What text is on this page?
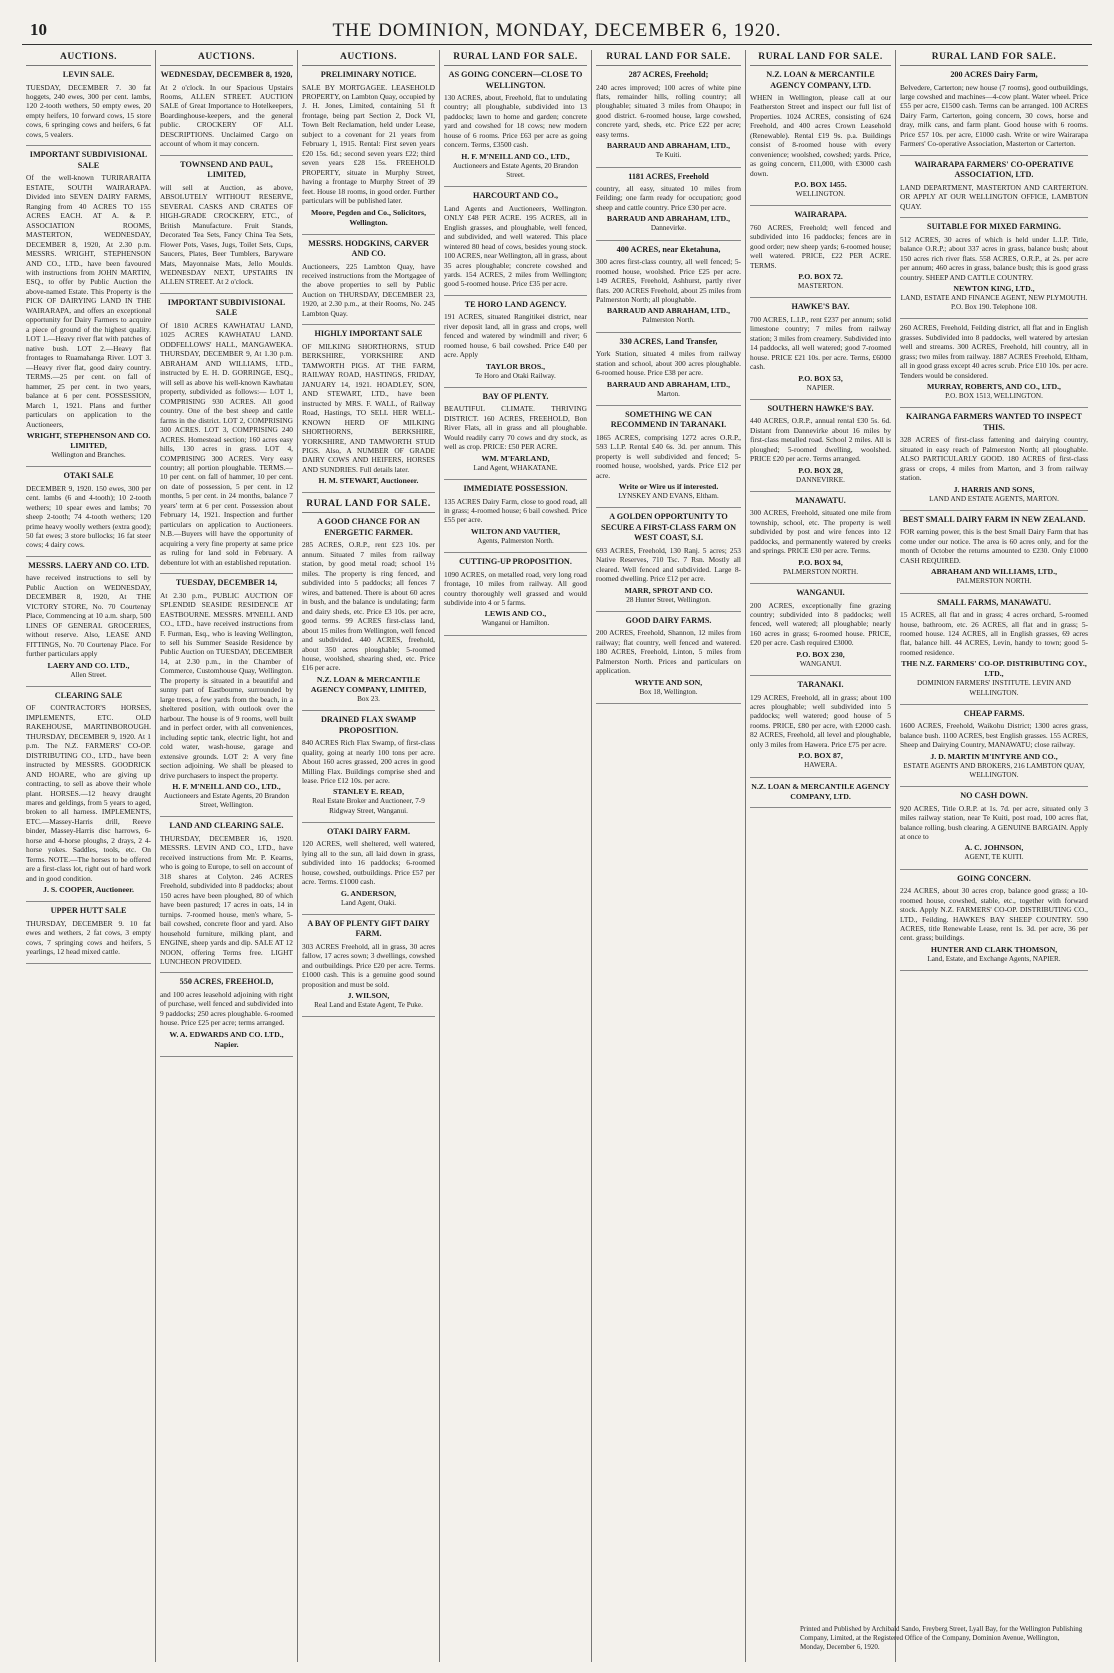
10	THE DOMINION, MONDAY, DECEMBER 6, 1920.
AUCTIONS.
LEVIN SALE.
TUESDAY, DECEMBER 7. 30 fat hoggets, 240 ewes, 300 per cent. lambs, 120 2-tooth wethers, 50 empty ewes, 20 empty heifers, 10 forward cows, 15 store cows, 6 springing cows and heifers, 6 fat cows, 5 vealers.
IMPORTANT SUBDIVISIONAL SALE
Of the well-known TURIRARAITA ESTATE, SOUTH WAIRARAPA. Divided into SEVEN DAIRY FARMS, Ranging from 40 ACRES TO 155 ACRES EACH. AT A. & P. ASSOCIATION ROOMS, MASTERTON, WEDNESDAY, DECEMBER 8, 1920, At 2.30 p.m. MESSRS. WRIGHT, STEPHENSON AND CO., LTD., have been favoured with instructions from JOHN MARTIN, ESQ., to offer by Public Auction the above-named Estate. This Property is the PICK OF DAIRYING LAND IN THE WAIRARAPA, and offers an exceptional opportunity for Dairy Farmers to acquire a piece of ground of the highest quality. LOT 1.—Heavy river flat with patches of native bush. LOT 2.—Heavy flat frontages to Ruamahanga River. LOT 3.—Heavy river flat, good dairy country. TERMS.—25 per cent. on fall of hammer, 25 per cent. in two years, balance at 6 per cent. POSSESSION, March 1, 1921. Plans and further particulars on application to the Auctioneers,
WRIGHT, STEPHENSON AND CO. LIMITED,
Wellington and Branches.
OTAKI SALE
DECEMBER 9, 1920. 150 ewes, 300 per cent. lambs (6 and 4-tooth); 10 2-tooth wethers; 10 spear ewes and lambs; 70 sheep 2-tooth; 74 4-tooth wethers; 120 prime heavy woolly wethers (extra good); 50 fat ewes; 3 store bullocks; 16 fat steer cows; 4 dairy cows.
MESSRS. LAERY AND CO. LTD.
have received instructions to sell by Public Auction on WEDNESDAY, DECEMBER 8, 1920, At THE VICTORY STORE, No. 70 Courtenay Place, Commencing at 10 a.m. sharp, 500 LINES OF GENERAL GROCERIES, without reserve. Also, LEASE AND FITTINGS, No. 70 Courtenay Place. For further particulars apply
LAERY AND CO. LTD.,
Allen Street.
CLEARING SALE
OF CONTRACTOR'S HORSES, IMPLEMENTS, ETC. OLD RAKEHOUSE, MARTINBOROUGH. THURSDAY, DECEMBER 9, 1920. At 1 p.m. The N.Z. FARMERS' CO-OP. DISTRIBUTING CO., LTD., have been instructed by MESSRS. GOODRICK AND HOARE, who are giving up contracting, to sell as above their whole plant. HORSES.—12 heavy draught mares and geldings, from 5 years to aged, broken to all harness. IMPLEMENTS, ETC.—Massey-Harris drill, Reeve binder, Massey-Harris disc harrows, 6-horse and 4-horse ploughs, 2 drays, 2 4-horse yokes. Saddles, tools, etc. On Terms. NOTE.—The horses to be offered are a first-class lot, right out of hard work and in good condition.
J. S. COOPER, Auctioneer.
UPPER HUTT SALE
THURSDAY, DECEMBER 9. 10 fat ewes and wethers, 2 fat cows, 3 empty cows, 7 springing cows and heifers, 5 yearlings, 12 head mixed cattle.
AUCTIONS.
WEDNESDAY, DECEMBER 8, 1920,
At 2 o'clock. In our Spacious Upstairs Rooms, ALLEN STREET. AUCTION SALE of Great Importance to Hotelkeepers, Boardinghouse-keepers, and the general public. CROCKERY OF ALL DESCRIPTIONS. Unclaimed Cargo on account of whom it may concern.
TOWNSEND AND PAUL, LIMITED,
will sell at Auction, as above, ABSOLUTELY WITHOUT RESERVE, SEVERAL CASKS AND CRATES OF HIGH-GRADE CROCKERY, ETC., of British Manufacture. Fruit Stands, Decorated Tea Sets, Fancy China Tea Sets, Flower Pots, Vases, Jugs, Toilet Sets, Cups, Saucers, Plates, Beer Tumblers, Baryware Mats, Mayonnaise Mats, Jello Moulds. WEDNESDAY NEXT, UPSTAIRS IN ALLEN STREET. At 2 o'clock.
IMPORTANT SUBDIVISIONAL SALE
Of 1810 ACRES KAWHATAU LAND, 1025 ACRES KAWHATAU LAND. ODDFELLOWS' HALL, MANGAWEKA. THURSDAY, DECEMBER 9, At 1.30 p.m. ABRAHAM AND WILLIAMS, LTD., instructed by E. H. D. GORRINGE, ESQ., will sell as above his well-known Kawhatau property, subdivided as follows:— LOT 1, COMPRISING 930 ACRES. All good country. One of the best sheep and cattle farms in the district. LOT 2, COMPRISING 300 ACRES. LOT 3, COMPRISING 240 ACRES. Homestead section; 160 acres easy hills, 130 acres in grass. LOT 4, COMPRISING 300 ACRES. Very easy country; all portion ploughable. TERMS.—10 per cent. on fall of hammer, 10 per cent. on date of possession, 5 per cent. in 12 months, 5 per cent. in 24 months, balance 7 years' term at 6 per cent. Possession about February 14, 1921. Inspection and further particulars on application to Auctioneers. N.B.—Buyers will have the opportunity of acquiring a very fine property at same price as ruling for land sold in February. A debenture lot with an established reputation.
TUESDAY, DECEMBER 14,
At 2.30 p.m., PUBLIC AUCTION OF SPLENDID SEASIDE RESIDENCE AT EASTBOURNE. MESSRS. M'NEILL AND CO., LTD., have received instructions from F. Furman, Esq., who is leaving Wellington, to sell his Summer Seaside Residence by Public Auction on TUESDAY, DECEMBER 14, at 2.30 p.m., in the Chamber of Commerce, Customhouse Quay, Wellington. The property is situated in a beautiful and sunny part of Eastbourne, surrounded by large trees, a few yards from the beach, in a sheltered position, with outlook over the harbour. The house is of 9 rooms, well built and in perfect order, with all conveniences, including septic tank, electric light, hot and cold water, wash-house, garage and extensive grounds. LOT 2: A very fine section adjoining. We shall be pleased to drive purchasers to inspect the property.
H. F. M'NEILL AND CO., LTD.,
Auctioneers and Estate Agents, 20 Brandon Street, Wellington.
LAND AND CLEARING SALE.
THURSDAY, DECEMBER 16, 1920. MESSRS. LEVIN AND CO., LTD., have received instructions from Mr. P. Kearns, who is going to Europe, to sell on account of 318 shares at Colyton. 246 ACRES Freehold, subdivided into 8 paddocks; about 150 acres have been ploughed, 80 of which have been pastured; 17 acres in oats, 14 in turnips. 7-roomed house, men's whare, 5-bail cowshed, concrete floor and yard. Also household furniture, milking plant, and ENGINE, sheep yards and dip. SALE AT 12 NOON, offering Terms free. LIGHT LUNCHEON PROVIDED.
550 ACRES, FREEHOLD,
and 100 acres leasehold adjoining with right of purchase, well fenced and subdivided into 9 paddocks; 250 acres ploughable. 6-roomed house. Price £25 per acre; terms arranged.
W. A. EDWARDS AND CO. LTD., Napier.
AUCTIONS.
PRELIMINARY NOTICE.
SALE BY MORTGAGEE. LEASEHOLD PROPERTY, on Lambton Quay, occupied by J. H. Jones, Limited, containing 51 ft frontage, being part Section 2, Dock VI, Town Belt Reclamation, held under Lease, subject to a covenant for 21 years from February 1, 1915. Rental: First seven years £20 15s. 6d.; second seven years £22; third seven years £28 15s. FREEHOLD PROPERTY, situate in Murphy Street, having a frontage to Murphy Street of 39 feet. House 18 rooms, in good order. Further particulars will be published later.
Moore, Pegden and Co., Solicitors, Wellington.
MESSRS. HODGKINS, CARVER AND CO.
Auctioneers, 225 Lambton Quay, have received instructions from the Mortgagee of the above properties to sell by Public Auction on THURSDAY, DECEMBER 23, 1920, at 2.30 p.m., at their Rooms, No. 245 Lambton Quay.
HIGHLY IMPORTANT SALE
OF MILKING SHORTHORNS, STUD BERKSHIRE, YORKSHIRE AND TAMWORTH PIGS. AT THE FARM, RAILWAY ROAD, HASTINGS, FRIDAY, JANUARY 14, 1921. HOADLEY, SON, AND STEWART, LTD., have been instructed by MRS. F. WALL, of Railway Road, Hastings, TO SELL HER WELL-KNOWN HERD OF MILKING SHORTHORNS, BERKSHIRE, YORKSHIRE, AND TAMWORTH STUD PIGS. Also, A NUMBER OF GRADE DAIRY COWS AND HEIFERS, HORSES AND SUNDRIES. Full details later.
H. M. STEWART, Auctioneer.
RURAL LAND FOR SALE.
A GOOD CHANCE FOR AN ENERGETIC FARMER.
285 ACRES, O.R.P., rent £23 10s. per annum. Situated 7 miles from railway station, by good metal road; school 1½ miles. The property is ring fenced, and subdivided into 5 paddocks; all fences 7 wires, and battened. There is about 60 acres in bush, and the balance is undulating; farm and dairy sheds, etc. Price £3 10s. per acre, good terms. 99 ACRES first-class land, about 15 miles from Wellington, well fenced and subdivided. 440 ACRES, freehold, about 350 acres ploughable; 5-roomed house, woolshed, shearing shed, etc. Price £16 per acre.
N.Z. LOAN & MERCANTILE AGENCY COMPANY, LIMITED,
Box 23.
DRAINED FLAX SWAMP PROPOSITION.
840 ACRES Rich Flax Swamp, of first-class quality, going at nearly 100 tons per acre. About 160 acres grassed, 200 acres in good Milling Flax. Buildings comprise shed and lease. Price £12 10s. per acre.
STANLEY E. READ,
Real Estate Broker and Auctioneer, 7-9 Ridgway Street, Wanganui.
OTAKI DAIRY FARM.
120 ACRES, well sheltered, well watered, lying all to the sun, all laid down in grass, subdivided into 16 paddocks; 6-roomed house, cowshed, outbuildings. Price £57 per acre. Terms. £1000 cash.
G. ANDERSON,
Land Agent, Otaki.
A BAY OF PLENTY GIFT DAIRY FARM.
303 ACRES Freehold, all in grass, 30 acres fallow, 17 acres sown; 3 dwellings, cowshed and outbuildings. Price £20 per acre. Terms. £1000 cash. This is a genuine good sound proposition and must be sold.
J. WILSON,
Real Land and Estate Agent, Te Puke.
RURAL LAND FOR SALE.
AS GOING CONCERN—CLOSE TO WELLINGTON.
130 ACRES, about, Freehold, flat to undulating country; all ploughable, subdivided into 13 paddocks; lawn to home and garden; concrete yard and cowshed for 18 cows; new modern house of 6 rooms. Price £63 per acre as going concern. Terms, £3500 cash.
H. F. M'NEILL AND CO., LTD.,
Auctioneers and Estate Agents, 20 Brandon Street.
HARCOURT AND CO.,
Land Agents and Auctioneers, Wellington. ONLY £48 PER ACRE. 195 ACRES, all in English grasses, and ploughable, well fenced, and subdivided, and well watered. This place wintered 80 head of cows, besides young stock. 100 ACRES, near Wellington, all in grass, about 35 acres ploughable; concrete cowshed and yards. 154 ACRES, 2 miles from Wellington; good 5-roomed house. Price £35 per acre.
TE HORO LAND AGENCY.
191 ACRES, situated Rangitikei district, near river deposit land, all in grass and crops, well fenced and watered by windmill and river; 6 roomed house, 6 bail cowshed. Price £40 per acre. Apply
TAYLOR BROS.,
Te Horo and Otaki Railway.
BAY OF PLENTY.
BEAUTIFUL CLIMATE. THRIVING DISTRICT. 160 ACRES, FREEHOLD, Bon River Flats, all in grass and all ploughable. Would readily carry 70 cows and dry stock, as well as crop. PRICE: £50 PER ACRE.
WM. M'FARLAND,
Land Agent, WHAKATANE.
IMMEDIATE POSSESSION.
135 ACRES Dairy Farm, close to good road, all in grass; 4-roomed house; 6 bail cowshed. Price £55 per acre.
WILTON AND VAUTIER,
Agents, Palmerston North.
CUTTING-UP PROPOSITION.
1090 ACRES, on metalled road, very long road frontage, 10 miles from railway. All good country thoroughly well grassed and would subdivide into 4 or 5 farms.
LEWIS AND CO.,
Wanganui or Hamilton.
RURAL LAND FOR SALE.
287 ACRES, Freehold;
240 acres improved; 100 acres of white pine flats, remainder hills, rolling country; all ploughable; situated 3 miles from Ohaupo; in good district. 6-roomed house, large cowshed, concrete yard, sheds, etc. Price £22 per acre; easy terms.
BARRAUD AND ABRAHAM, LTD.,
Te Kuiti.
1181 ACRES, Freehold
country, all easy, situated 10 miles from Feilding; one farm ready for occupation; good sheep and cattle country. Price £30 per acre.
BARRAUD AND ABRAHAM, LTD.,
Dannevirke.
400 ACRES, near Eketahuna,
300 acres first-class country, all well fenced; 5-roomed house, woolshed. Price £25 per acre. 149 ACRES, Freehold, Ashhurst, partly river flats. 200 ACRES Freehold, about 25 miles from Palmerston North; all ploughable.
BARRAUD AND ABRAHAM, LTD.,
Palmerston North.
330 ACRES, Land Transfer,
York Station, situated 4 miles from railway station and school, about 300 acres ploughable. 6-roomed house. Price £38 per acre.
BARRAUD AND ABRAHAM, LTD.,
Marton.
SOMETHING WE CAN RECOMMEND IN TARANAKI.
1865 ACRES, comprising 1272 acres O.R.P., 593 L.I.P. Rental £40 6s. 3d. per annum. This property is well subdivided and fenced; 5-roomed house, woolshed, yards. Price £12 per acre.
Write or Wire us if interested.
LYNSKEY AND EVANS, Eltham.
A GOLDEN OPPORTUNITY TO SECURE A FIRST-CLASS FARM ON WEST COAST, S.I.
693 ACRES, Freehold, 130 Ranj. 5 acres; 253 Native Reserves, 710 Tsc. 7 Rsn. Mostly all cleared. Well fenced and subdivided. Large 8-roomed dwelling. Price £12 per acre.
MARR, SPROT AND CO.
28 Hunter Street, Wellington.
GOOD DAIRY FARMS.
200 ACRES, Freehold, Shannon, 12 miles from railway; flat country, well fenced and watered. 180 ACRES, Freehold, Linton, 5 miles from Palmerston North. Prices and particulars on application.
WRYTE AND SON,
Box 18, Wellington.
RURAL LAND FOR SALE.
N.Z. LOAN & MERCANTILE AGENCY COMPANY, LTD.
WHEN in Wellington, please call at our Featherston Street and inspect our full list of Properties. 1024 ACRES, consisting of 624 Freehold, and 400 acres Crown Leasehold (Renewable). Rental £19 9s. p.a. Buildings consist of 8-roomed house with every convenience; woolshed, cowshed; yards. Price, as going concern, £11,000, with £3000 cash down.
P.O. BOX 1455.
WELLINGTON.
WAIRARAPA.
760 ACRES, Freehold; well fenced and subdivided into 16 paddocks; fences are in good order; new sheep yards; 6-roomed house; well watered. PRICE, £22 PER ACRE. TERMS.
P.O. BOX 72.
MASTERTON.
HAWKE'S BAY.
700 ACRES, L.I.P., rent £237 per annum; solid limestone country; 7 miles from railway station; 3 miles from creamery. Subdivided into 14 paddocks, all well watered; good 7-roomed house. PRICE £21 10s. per acre. Terms, £6000 cash.
P.O. BOX 53,
NAPIER.
SOUTHERN HAWKE'S BAY.
440 ACRES, O.R.P., annual rental £30 5s. 6d. Distant from Dannevirke about 16 miles by first-class metalled road. School 2 miles. All is ploughed; 5-roomed dwelling, woolshed. PRICE £20 per acre. Terms arranged.
P.O. BOX 28,
DANNEVIRKE.
MANAWATU.
300 ACRES, Freehold, situated one mile from township, school, etc. The property is well subdivided by post and wire fences into 12 paddocks, and permanently watered by creeks and springs. PRICE £30 per acre. Terms.
P.O. BOX 94,
PALMERSTON NORTH.
WANGANUI.
200 ACRES, exceptionally fine grazing country; subdivided into 8 paddocks; well fenced, well watered; all ploughable; nearly 160 acres in grass; 6-roomed house. PRICE, £20 per acre. Cash required £3000.
P.O. BOX 230,
WANGANUI.
TARANAKI.
129 ACRES, Freehold, all in grass; about 100 acres ploughable; well subdivided into 5 paddocks; well watered; good house of 5 rooms. PRICE, £80 per acre, with £2000 cash. 82 ACRES, Freehold, all level and ploughable, only 3 miles from Hawera. Price £75 per acre.
P.O. BOX 87,
HAWERA.
N.Z. LOAN & MERCANTILE AGENCY COMPANY, LTD.
RURAL LAND FOR SALE.
200 ACRES Dairy Farm,
Belvedere, Carterton; new house (7 rooms), good outbuildings, large cowshed and machines—4-cow plant. Water wheel. Price £55 per acre, £1500 cash. Terms can be arranged. 100 ACRES Dairy Farm, Carterton, going concern, 30 cows, horse and dray, milk cans, and farm plant. Good house with 6 rooms. Price £57 10s. per acre, £1000 cash. Write or wire Wairarapa Farmers' Co-operative Association, Masterton or Carterton.
WAIRARAPA FARMERS' CO-OPERATIVE ASSOCIATION, LTD.
LAND DEPARTMENT, MASTERTON AND CARTERTON. OR APPLY AT OUR WELLINGTON OFFICE, LAMBTON QUAY.
SUITABLE FOR MIXED FARMING.
512 ACRES, 30 acres of which is held under L.I.P. Title, balance O.R.P.; about 337 acres in grass, balance bush; about 150 acres rich river flats. 558 ACRES, O.R.P., at 2s. per acre per annum; 460 acres in grass, balance bush; this is good grass country. SHEEP AND CATTLE COUNTRY.
NEWTON KING, LTD.,
LAND, ESTATE AND FINANCE AGENT, NEW PLYMOUTH. P.O. Box 190. Telephone 108.
260 ACRES, Freehold, Feilding district, all flat and in English grasses. Subdivided into 8 paddocks, well watered by artesian well and streams. 300 ACRES, Freehold, hill country, all in grass; two miles from railway. 1887 ACRES Freehold, Eltham, all in good grass except 40 acres scrub. Price £10 10s. per acre. Tenders would be considered.
MURRAY, ROBERTS, AND CO., LTD.,
P.O. BOX 1513, WELLINGTON.
KAIRANGA FARMERS WANTED TO INSPECT THIS.
328 ACRES of first-class fattening and dairying country, situated in easy reach of Palmerston North; all ploughable. ALSO PARTICULARLY GOOD. 180 ACRES of first-class grass or crops, 4 miles from Marton, and 3 from railway station.
J. HARRIS AND SONS,
LAND AND ESTATE AGENTS, MARTON.
BEST SMALL DAIRY FARM IN NEW ZEALAND.
FOR earning power, this is the best Small Dairy Farm that has come under our notice. The area is 60 acres only, and for the month of October the returns amounted to £230. Only £1000 CASH REQUIRED.
ABRAHAM AND WILLIAMS, LTD.,
PALMERSTON NORTH.
SMALL FARMS, MANAWATU.
15 ACRES, all flat and in grass; 4 acres orchard, 5-roomed house, bathroom, etc. 26 ACRES, all flat and in grass; 5-roomed house. 124 ACRES, all in English grasses, 69 acres flat, balance hill. 44 ACRES, Levin, handy to town; good 5-roomed residence.
THE N.Z. FARMERS' CO-OP. DISTRIBUTING COY., LTD.,
DOMINION FARMERS' INSTITUTE. LEVIN AND WELLINGTON.
CHEAP FARMS.
1600 ACRES, Freehold, Waikohu District; 1300 acres grass, balance bush. 1100 ACRES, best English grasses. 155 ACRES, Sheep and Dairying Country, MANAWATU; close railway.
J. D. MARTIN M'INTYRE AND CO.,
ESTATE AGENTS AND BROKERS, 216 LAMBTON QUAY, WELLINGTON.
NO CASH DOWN.
920 ACRES, Title O.R.P. at 1s. 7d. per acre, situated only 3 miles railway station, near Te Kuiti, post road, 100 acres flat, balance rolling, bush clearing. A GENUINE BARGAIN. Apply at once to
A. C. JOHNSON,
AGENT, TE KUITI.
GOING CONCERN.
224 ACRES, about 30 acres crop, balance good grass; a 10-roomed house, cowshed, stable, etc., together with forward stock. Apply N.Z. FARMERS' CO-OP. DISTRIBUTING CO., LTD., Feilding. HAWKE'S BAY SHEEP COUNTRY. 590 ACRES, title Renewable Lease, rent 1s. 3d. per acre, 36 per cent. grass; buildings.
HUNTER AND CLARK THOMSON,
Land, Estate, and Exchange Agents, NAPIER.
Printed and Published by Archibald Sando, Freyberg Street, Lyall Bay, for the Wellington Publishing Company, Limited, at the Registered Office of the Company, Dominion Avenue, Wellington, Monday, December 6, 1920.
